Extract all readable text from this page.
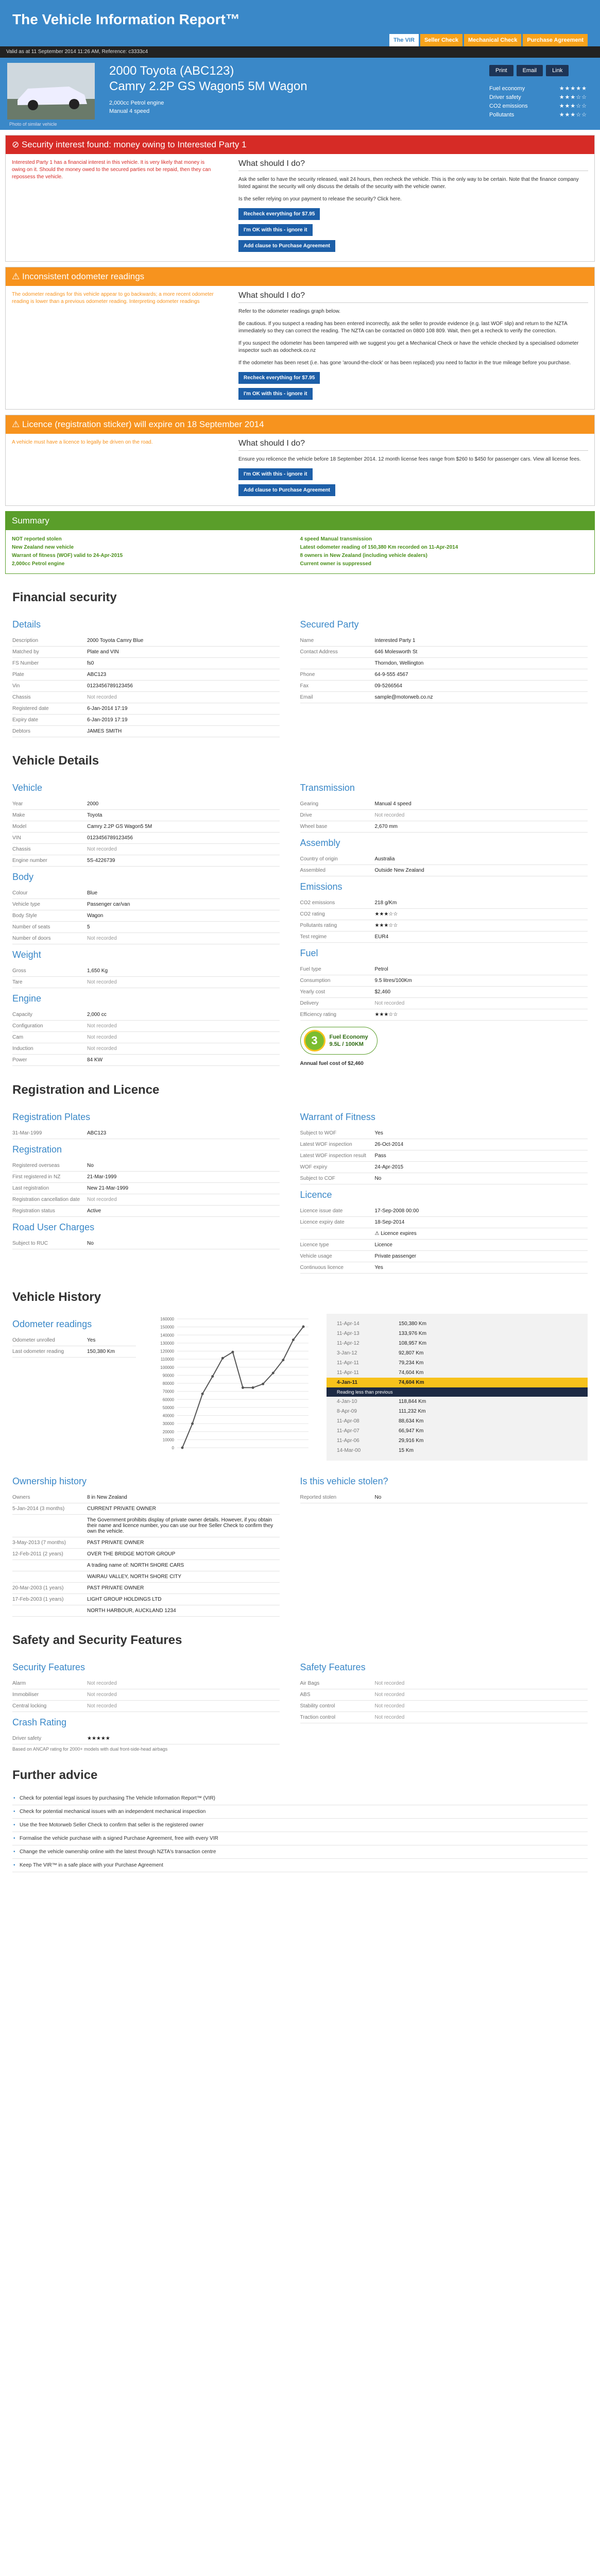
The Vehicle Information Report™
The VIR	Seller Check	Mechanical Check	Purchase Agreement
Valid as at 11 September 2014 11:26 AM, Reference: c3333c4
Photo of similar vehicle
2000 Toyota (ABC123)
Camry 2.2P GS Wagon5 5M Wagon
2,000cc Petrol engine
Manual 4 speed
Print	Email	Link
Fuel economy	★★★★★
Driver safety	★★★☆☆
CO2 emissions	★★★☆☆
Pollutants	★★★☆☆
⊘ Security interest found: money owing to Interested Party 1
Interested Party 1 has a financial interest in this vehicle. It is very likely that money is owing on it. Should the money owed to the secured parties not be repaid, then they can repossess the vehicle.
What should I do?

Ask the seller to have the security released, wait 24 hours, then recheck the vehicle. This is the only way to be certain. Note that the finance company listed against the security will only discuss the details of the security with the vehicle owner.

Is the seller relying on your payment to release the security? Click here.

Recheck everything for $7.95
I'm OK with this - ignore it
Add clause to Purchase Agreement
⚠ Inconsistent odometer readings
The odometer readings for this vehicle appear to go backwards; a more recent odometer reading is lower than a previous odometer reading. Interpreting odometer readings
What should I do?

Refer to the odometer readings graph below.

Be cautious. If you suspect a reading has been entered incorrectly, ask the seller to provide evidence (e.g. last WOF slip) and return to the NZTA immediately so they can correct the reading. The NZTA can be contacted on 0800 108 809. Wait, then get a recheck to verify the correction.

If you suspect the odometer has been tampered with we suggest you get a Mechanical Check or have the vehicle checked by a specialised odometer inspector such as odocheck.co.nz

If the odometer has been reset (i.e. has gone 'around-the-clock' or has been replaced) you need to factor in the true mileage before you purchase.

Recheck everything for $7.95
I'm OK with this - ignore it
⚠ Licence (registration sticker) will expire on 18 September 2014
A vehicle must have a licence to legally be driven on the road.	What should I do?

Ensure you relicence the vehicle before 18 September 2014. 12 month license fees range from $260 to $450 for passenger cars. View all license fees.

I'm OK with this - ignore it
Add clause to Purchase Agreement
Summary
NOT reported stolen
New Zealand new vehicle
Warrant of fitness (WOF) valid to 24-Apr-2015
2,000cc Petrol engine
4 speed Manual transmission
Latest odometer reading of 150,380 Km recorded on 11-Apr-2014
8 owners in New Zealand (including vehicle dealers)
Current owner is suppressed
Financial security
Details
Description	2000 Toyota Camry Blue
Matched by	Plate and VIN
FS Number	fs0
Plate	ABC123
Vin	0123456789123456
Chassis	Not recorded
Registered date	6-Jan-2014 17:19
Expiry date	6-Jan-2019 17:19
Debtors	JAMES SMITH
Secured Party
Name	Interested Party 1
Contact Address	646 Molesworth St
Thorndon, Wellington
Phone	64-9-555 4567
Fax	09-5266564
Email	sample@motorweb.co.nz
Vehicle Details
Vehicle
Year	2000
Make	Toyota
Model	Camry 2.2P GS Wagon5 5M
VIN	0123456789123456
Chassis	Not recorded
Engine number	5S-4226739
Body
Colour	Blue
Vehicle type	Passenger car/van
Body Style	Wagon
Number of seats	5
Number of doors	Not recorded
Weight
Gross	1,650 Kg
Tare	Not recorded
Engine
Capacity	2,000 cc
Configuration	Not recorded
Cam	Not recorded
Induction	Not recorded
Power	84 KW
Transmission
Gearing	Manual 4 speed
Drive	Not recorded
Wheel base	2,670 mm
Assembly
Country of origin	Australia
Assembled	Outside New Zealand
Emissions
CO2 emissions	218 g/Km
CO2 rating	★★★☆☆
Pollutants rating	★★★☆☆
Test regime	EUR4
Fuel
Fuel type	Petrol
Consumption	9.5 litres/100Km
Yearly cost	$2,460
Delivery	Not recorded
Efficiency rating	★★★☆☆
3	Fuel Economy
9.5L / 100KM
Annual fuel cost of $2,460
Registration and Licence
Registration Plates
31-Mar-1999	ABC123
Registration
Registered overseas	No
First registered in NZ	21-Mar-1999
Last registration	New 21-Mar-1999
Registration cancellation date	Not recorded
Registration status	Active
Road User Charges
Subject to RUC	No
Warrant of Fitness
Subject to WOF	Yes
Latest WOF inspection	26-Oct-2014
Latest WOF inspection result	Pass
WOF expiry	24-Apr-2015
Subject to COF	No
Licence
Licence issue date	17-Sep-2008 00:00
Licence expiry date	18-Sep-2014
⚠ Licence expires
Licence type	Licence
Vehicle usage	Private passenger
Continuous licence	Yes
Vehicle History
Odometer readings
Odometer unrolled	Yes
Last odometer reading	150,380 Km
160000
150000
140000
130000
120000
110000
100000
90000
80000
70000
60000
50000
40000
30000
20000
10000
0
11-Apr-14	150,380 Km
11-Apr-13	133,976 Km
11-Apr-12	108,957 Km
3-Jan-12	92,807 Km
11-Apr-11	79,234 Km
11-Apr-11	74,604 Km
4-Jan-11	74,604 Km
Reading less than previous
4-Jan-10	118,844 Km
8-Apr-09	111,232 Km
11-Apr-08	88,634 Km
11-Apr-07	66,947 Km
11-Apr-06	29,916 Km
14-Mar-00	15 Km
Ownership history
Owners	8 in New Zealand
5-Jan-2014 (3 months)	CURRENT PRIVATE OWNER
The Government prohibits display of private owner details. However, if you obtain their name and licence number, you can use our free Seller Check to confirm they own the vehicle.
3-May-2013 (7 months)	PAST PRIVATE OWNER
12-Feb-2011 (2 years)	OVER THE BRIDGE MOTOR GROUP
A trading name of: NORTH SHORE CARS
WAIRAU VALLEY, NORTH SHORE CITY
20-Mar-2003 (1 years)	PAST PRIVATE OWNER
17-Feb-2003 (1 years)	LIGHT GROUP HOLDINGS LTD
NORTH HARBOUR, AUCKLAND 1234
Is this vehicle stolen?
Reported stolen	No
Safety and Security Features
Security Features
Alarm	Not recorded
Immobiliser	Not recorded
Central locking	Not recorded
Crash Rating
Driver safety	★★★★★
Based on ANCAP rating for 2000+ models with dual front-side-head airbags
Safety Features
Air Bags	Not recorded
ABS	Not recorded
Stability control	Not recorded
Traction control	Not recorded
Further advice
• Check for potential legal issues by purchasing The Vehicle Information Report™ (VIR)
• Check for potential mechanical issues with an independent mechanical inspection
• Use the free Motorweb Seller Check to confirm that seller is the registered owner
• Formalise the vehicle purchase with a signed Purchase Agreement, free with every VIR
• Change the vehicle ownership online with the latest through NZTA's transaction centre
• Keep The VIR™ in a safe place with your Purchase Agreement
